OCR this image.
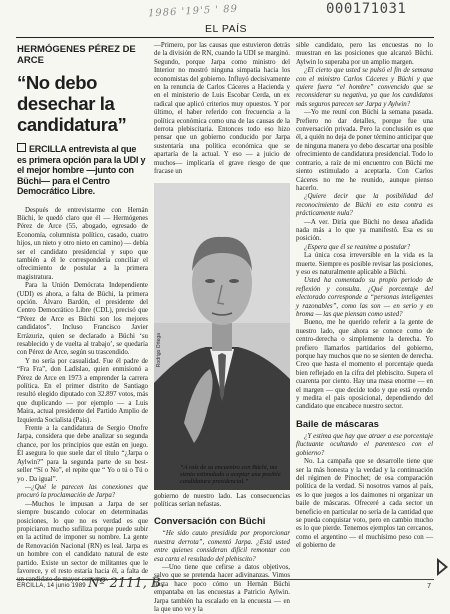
1986 '19'5 ' 89	000171031
EL PAÍS
HERMÓGENES PÉREZ DE ARCE
“No debo desechar la candidatura”
ERCILLA entrevista al que es primera opción para la UDI y el mejor hombre —junto con Büchi— para el Centro Democrático Libre.

Después de entrevistarme con Hernán Büchi, le quedó claro que él — Hermógenes Pérez de Arce (55, abogado, egresado de Economía, columnista político, casado, cuatro hijos, un nieto y otro nieto en camino) — debía ser el candidato presidencial y supo que también a él le correspondería conciliar el ofrecimiento de postular a la primera magistratura.

Para la Unión Demócrata Independiente (UDI) es ahora, a falta de Büchi, la primera opción. Álvaro Bardón, el presidente del Centro Democrático Libre (CDL), precisó que “Pérez de Arce es Büchi son los mejores candidatos”. Incluso Francisco Javier Errázuriz, quien se declarado a Büchi ‘su resablecido y de vuelta al trabajo’, se quedaría con Pérez de Arce, según su trascendido.

Y no sería por casualidad. Fue él padre de “Fra Fra”, don Ladislao, quien enmisionó a Pérez de Arce en 1973 a emprender la carrera política. En el primer distrito de Santiago resultó elegido diputado con 32.897 votos, más que duplicando — por ejemplo — a Luis Maira, actual presidente del Partido Amplio de Izquierda Socialista (Pais).

Frente a la candidatura de Sergio Onofre Jarpa, considera que debe analizar su segunda chance, por los principios que están en juego. Él asegura lo que suele dar el título “¿Jarpa o Aylwin?” para la segunda parte de su best-seller “Sí o No”, el repite que “ Yo o tú o Tú o yo . Da igual”.

—¿Qué le parecen las conexiones que procuró la proclamación de Jarpa?

—Muchos le impusan a Jarpa de ser siempre buscando colocar en determinadas posiciones, lo que no es verdad es que propiciaron mucho sufiliza porque puede subir en la actitud de imponer su nombre. La gente de Renovación Nacional (RN) es leal. Jarpa es un hombre con el candidato natural de este partido. Existe un sector de militantes que le favorece, y el resto estaría hacia él, a falta de un candidato de mayor consenso.

—Primero, por las causas que estuvieron detrás de la división de RN, cuando la UDI se marginó. Segundo, porque Jarpa como ministro del Interior no mostró ninguna simpatía hacia los economistas del gobierno. Influyó decisivamente en la renuncia de Carlos Cáceres a Hacienda y en el ministerio de Luis Escobar Cerda, un ex radical que aplicó criterios muy opuestos. Y por último, el haber referido con frecuencia a la política económica como una de las causas de la derrota plebiscitaria. Entonces todo eso hizo pensar que un gobierno conducido por Jarpa sustentaría una política económica que se apartaría de la actual. Y eso — a juicio de muchos— implicaría el grave riesgo de que fracase un

Rodrigo Ortega
“A raíz de su encuentro con Büchi, me siento estimulado a aceptar una posible candidatura presidencial.”

gobierno de nuestro lado. Las consecuencias políticas serían nefastas.

Conversación con Büchi

“He sido cauto presidida por proporcionar nuestra derrota”, comentó Jarpa. ¿Está usted entre quienes consideran difícil remontar con esa carta el resultado del plebiscito?

—Uno tiene que cefirse a datos objetivos, salvo que se pretenda hacer adivinanzas. Vimos hasta hace poco cómo un Hernán Büchi empantaba en las encuestas a Patricio Aylwin. Jarpa también ha escalado en la encuesta — en la que uno ve y la

sible candidato, pero las encuestas no lo muestran en las posiciones que alcanzó Büchi. Aylwin lo superaba por un amplio margen.

¿El cierto que usted se pulsó el fin de semana con el ministro Carlos Cáceres y Büchi y que quiere fuera “el hombre” convencido que se reconsiderar su negativa, ya que los candidatos más seguros parecen ser Jarpa y Aylwin?

—Yo me reuní con Büchi la semana pasada. Prefiero no dar detalles, porque fue una conversación privada. Pero la conclusión es que él, a quién no deja de poner término anticipar que de ninguna manera yo debo descartar una posible ofrecimiento de candidatura presidencial. Todo lo contrario, a raíz de mi encuentro con Büchi me siento estimulado a aceptarla. Con Carlos Cáceres no me he reunido, aunque pienso hacerlo.

¿Quiere decir que la posibilidad del reconocimiento de Büchi en esta contra es prácticamente nula?

—A ver. Diría que Büchi no desea añadida nada más a lo que ya manifestó. Esa es su posición.

¿Espera que él se reanime a postular?

La única cosa irreversible en la vida es la muerte. Siempre es posible revisar las posiciones, y eso es naturalmente aplicable a Büchi.

Usted ha comentado su propio periodo de reflexión y consulta. ¿Qué porcentaje del electorado corresponde a “personas inteligentes y razonables”, como las son — en serio y en broma — las que piensan como usted?

Bueno, me he querido referir a la gente de nuestro lado, que ahora se conoce como de centro-derecha o simplemente la derecha. Yo prefiero llamarlos partidarios del gobierno, porque hay muchos que no se sienten de derecha. Creo que hasta el momento el porcentaje queda bien reflejado en la cifra del plebiscito. Supera el cuarenta por ciento. Hay una masa enorme — en el margen — que decide todo y que está oyendo y medita el país oposicional, dependiendo del candidato que encabece nuestro sector.

Baile de máscaras

¿Y estima que hay que atraer a ese porcentaje fluctuante ocultando el parentesco con el gobierno?

No. La campaña que se desarrolle tiene que ser la más honesta y la verdad y la continuación del régimen de Pinochet; de esa comparación política de la verdad. Si nosotros vamos al país, es lo que juegos a los daimones ni organizar un baile de máscaras. Ofreceré a cada sector un beneficio en particular no sería de la cantidad que se pueda conquistar voto, pero en cambio mucho es lo que pierde. Tenemos ejemplos tan cercanos, como el argentino — el muchísimo peso con — el gobierno de

ERCILLA, 14 junio 1989 Nº 2111, B.	7
